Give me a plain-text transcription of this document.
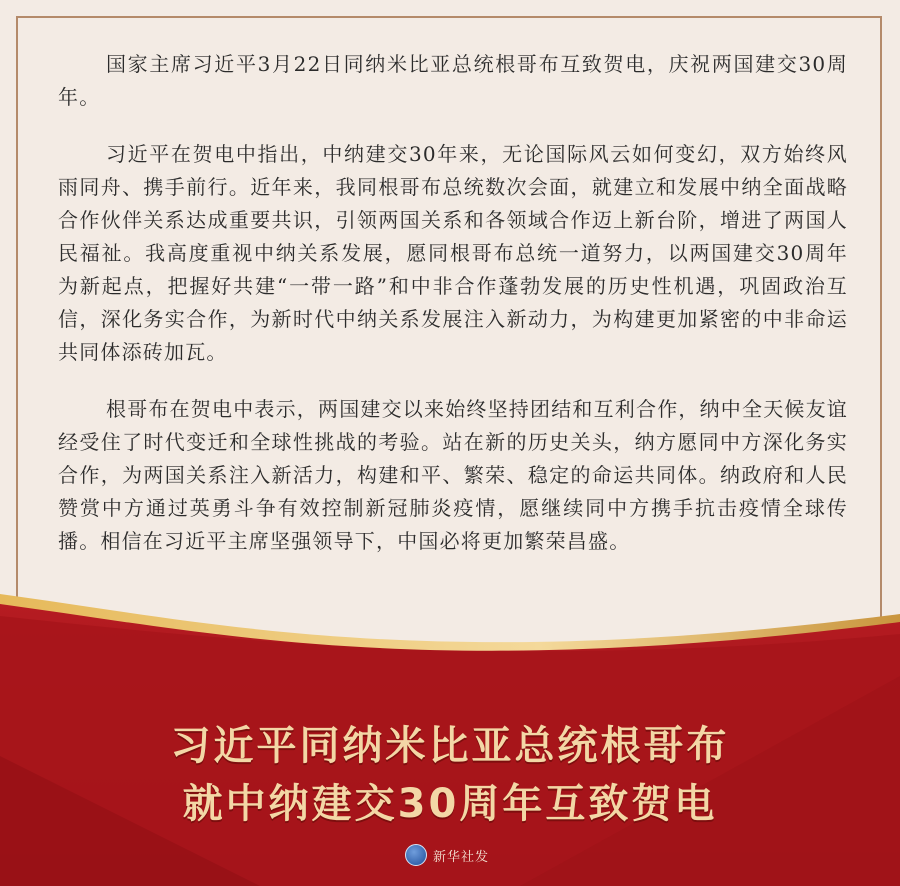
国家主席习近平3月22日同纳米比亚总统根哥布互致贺电，庆祝两国建交30周年。

习近平在贺电中指出，中纳建交30年来，无论国际风云如何变幻，双方始终风雨同舟、携手前行。近年来，我同根哥布总统数次会面，就建立和发展中纳全面战略合作伙伴关系达成重要共识，引领两国关系和各领域合作迈上新台阶，增进了两国人民福祉。我高度重视中纳关系发展，愿同根哥布总统一道努力，以两国建交30周年为新起点，把握好共建“一带一路”和中非合作蓬勃发展的历史性机遇，巩固政治互信，深化务实合作，为新时代中纳关系发展注入新动力，为构建更加紧密的中非命运共同体添砖加瓦。

根哥布在贺电中表示，两国建交以来始终坚持团结和互利合作，纳中全天候友谊经受住了时代变迁和全球性挑战的考验。站在新的历史关头，纳方愿同中方深化务实合作，为两国关系注入新活力，构建和平、繁荣、稳定的命运共同体。纳政府和人民赞赏中方通过英勇斗争有效控制新冠肺炎疫情，愿继续同中方携手抗击疫情全球传播。相信在习近平主席坚强领导下，中国必将更加繁荣昌盛。

习近平同纳米比亚总统根哥布
就中纳建交30周年互致贺电
新华社发
